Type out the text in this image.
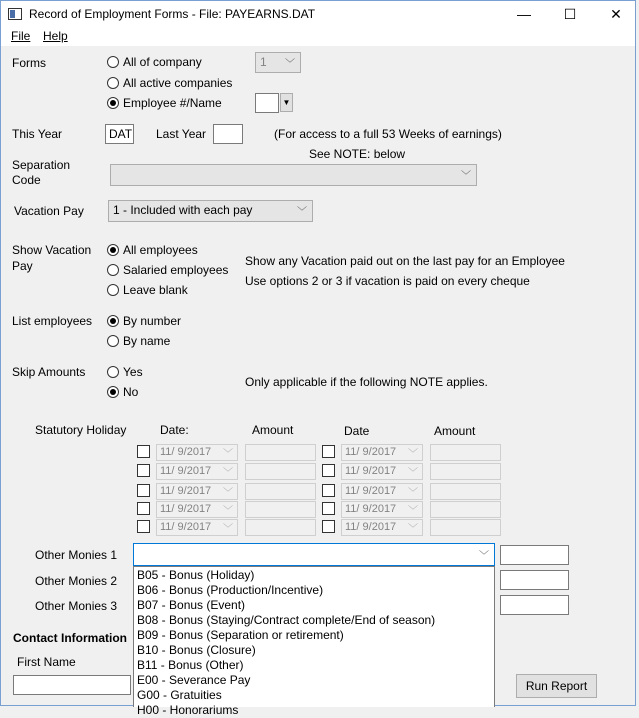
Record of Employment Forms - File: PAYEARNS.DAT	—	☐	✕
File Help
Forms	All of company	1 ﹀
All active companies
Employee #/Name	▼
This Year	DAT Last Year	(For access to a full 53 Weeks of earnings)
See NOTE: below
Separation
Code	﹀
Vacation Pay	1 - Included with each pay	﹀
Show Vacation
Pay
All employees
Salaried employees
Leave blank
Show any Vacation paid out on the last pay for an Employee
Use options 2 or 3 if vacation is paid on every cheque
List employees	By number
By name
Skip Amounts	Yes
No
Only applicable if the following NOTE applies.
Statutory Holiday	Date:	Amount	Date	Amount
11/ 9/2017 ﹀	11/ 9/2017 ﹀
11/ 9/2017 ﹀	11/ 9/2017 ﹀
11/ 9/2017 ﹀	11/ 9/2017 ﹀
11/ 9/2017 ﹀	11/ 9/2017 ﹀
11/ 9/2017 ﹀	11/ 9/2017 ﹀
Other Monies 1	﹀
Other Monies 2
Other Monies 3
Contact Information
First Name
Run Report
B05 - Bonus (Holiday)
B06 - Bonus (Production/Incentive)
B07 - Bonus (Event)
B08 - Bonus (Staying/Contract complete/End of season)
B09 - Bonus (Separation or retirement)
B10 - Bonus (Closure)
B11 - Bonus (Other)
E00 - Severance Pay
G00 - Gratuities
H00 - Honorariums
